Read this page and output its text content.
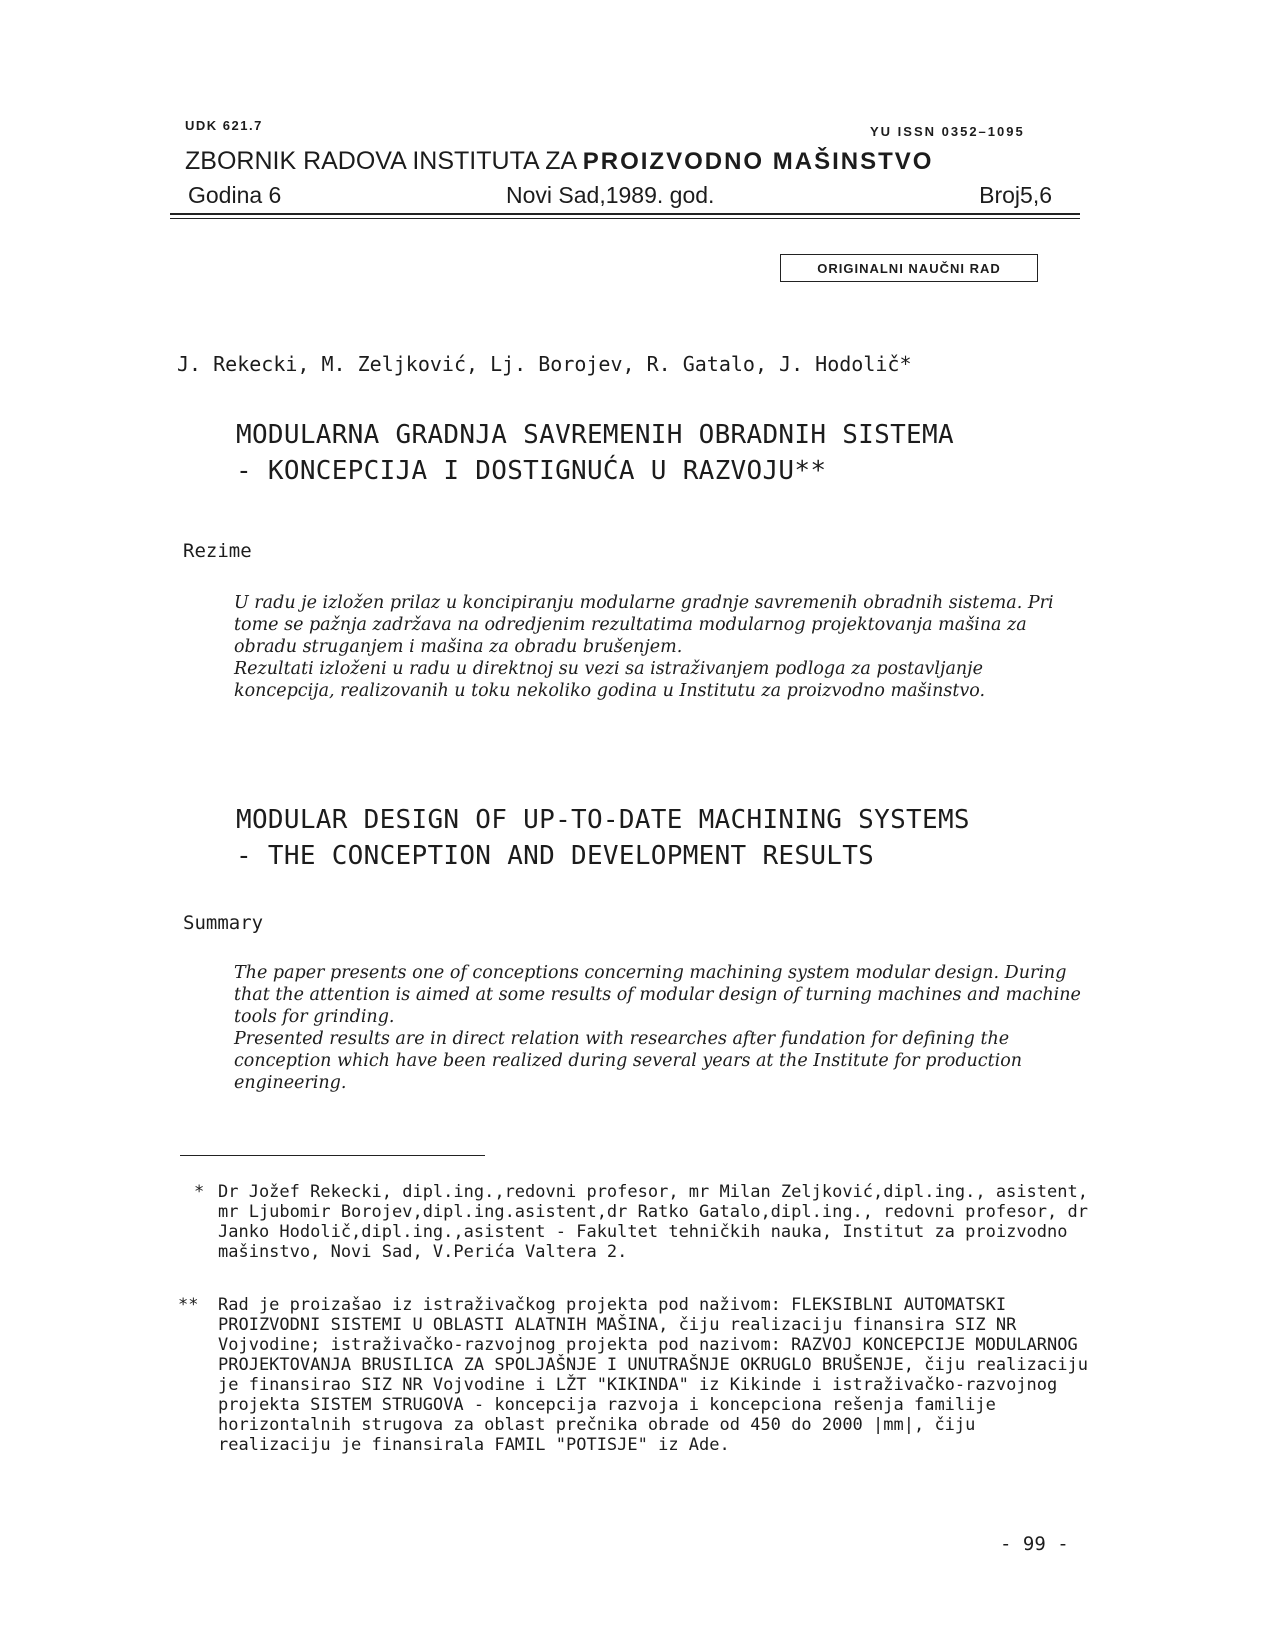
UDK 621.7	YU ISSN 0352–1095
ZBORNIK RADOVA INSTITUTA ZA PROIZVODNO MAŠINSTVO
Godina 6	Novi Sad,1989. god.	Broj5,6
ORIGINALNI NAUČNI RAD
J. Rekecki, M. Zeljković, Lj. Borojev, R. Gatalo, J. Hodolič*
MODULARNA GRADNJA SAVREMENIH OBRADNIH SISTEMA
- KONCEPCIJA I DOSTIGNUĆA U RAZVOJU**
Rezime

U radu je izložen prilaz u koncipiranju modularne gradnje savremenih obradnih sistema. Pri tome se pažnja zadržava na odredjenim rezultatima modularnog projektovanja mašina za obradu struganjem i mašina za obradu brušenjem.

Rezultati izloženi u radu u direktnoj su vezi sa istraživanjem podloga za postavljanje koncepcija, realizovanih u toku nekoliko godina u Institutu za proizvodno mašinstvo.

MODULAR DESIGN OF UP-TO-DATE MACHINING SYSTEMS
- THE CONCEPTION AND DEVELOPMENT RESULTS
Summary

The paper presents one of conceptions concerning machining system modular design. During that the attention is aimed at some results of modular design of turning machines and machine tools for grinding.

Presented results are in direct relation with researches after fundation for defining the conception which have been realized during several years at the Institute for production engineering.

* Dr Jožef Rekecki, dipl.ing.,redovni profesor, mr Milan Zeljković,dipl.ing., asistent, mr Ljubomir Borojev,dipl.ing.asistent,dr Ratko Gatalo,dipl.ing., redovni profesor, dr Janko Hodolič,dipl.ing.,asistent - Fakultet tehničkih nauka, Institut za proizvodno mašinstvo, Novi Sad, V.Perića Valtera 2.
** Rad je proizašao iz istraživačkog projekta pod naživom: FLEKSIBLNI AUTOMATSKI PROIZVODNI SISTEMI U OBLASTI ALATNIH MAŠINA, čiju realizaciju finansira SIZ NR Vojvodine; istraživačko-razvojnog projekta pod nazivom: RAZVOJ KONCEPCIJE MODULARNOG PROJEKTOVANJA BRUSILICA ZA SPOLJAŠNJE I UNUTRAŠNJE OKRUGLO BRUŠENJE, čiju realizaciju je finansirao SIZ NR Vojvodine i LŽT "KIKINDA" iz Kikinde i istraživačko-razvojnog projekta SISTEM STRUGOVA - koncepcija razvoja i koncepciona rešenja familije horizontalnih strugova za oblast prečnika obrade od 450 do 2000 |mm|, čiju realizaciju je finansirala FAMIL "POTISJE" iz Ade.
- 99 -
